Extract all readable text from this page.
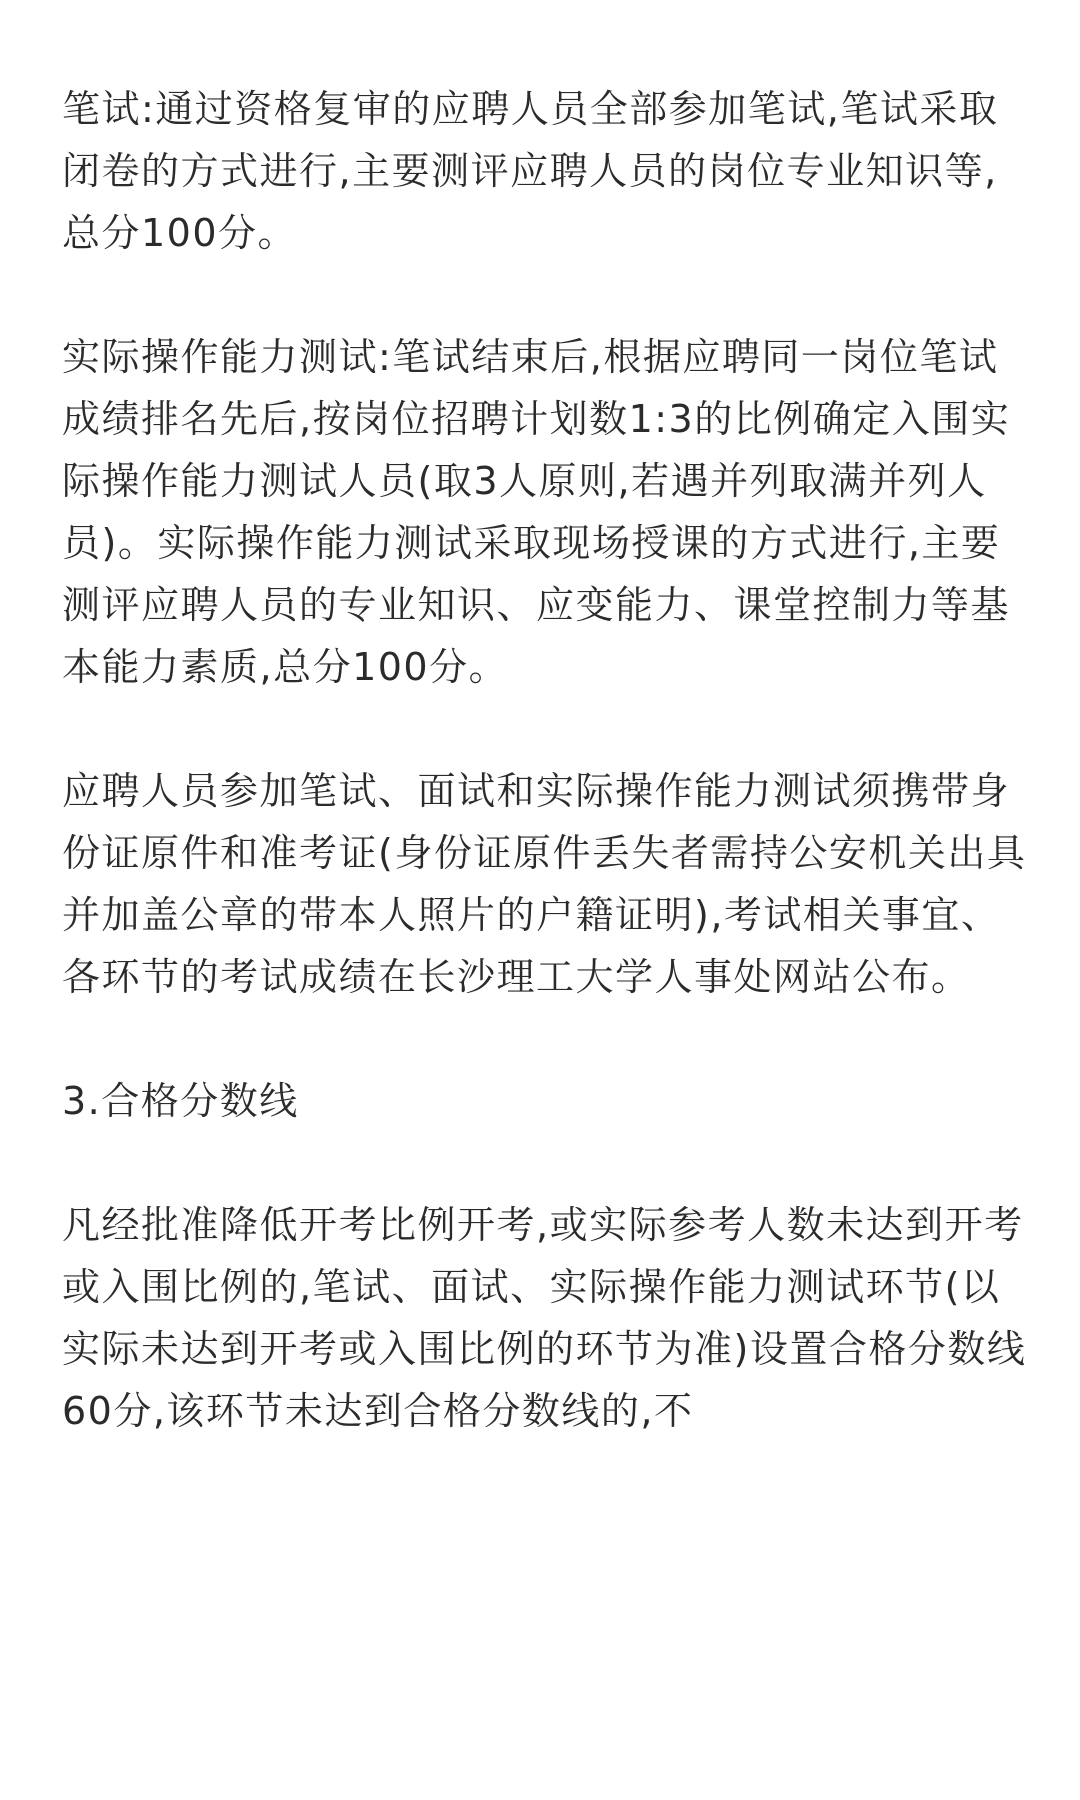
笔试:通过资格复审的应聘人员全部参加笔试,笔试采取闭卷的方式进行,主要测评应聘人员的岗位专业知识等,总分100分。

实际操作能力测试:笔试结束后,根据应聘同一岗位笔试成绩排名先后,按岗位招聘计划数1:3的比例确定入围实际操作能力测试人员(取3人原则,若遇并列取满并列人员)。实际操作能力测试采取现场授课的方式进行,主要测评应聘人员的专业知识、应变能力、课堂控制力等基本能力素质,总分100分。

应聘人员参加笔试、面试和实际操作能力测试须携带身份证原件和准考证(身份证原件丢失者需持公安机关出具并加盖公章的带本人照片的户籍证明),考试相关事宜、各环节的考试成绩在长沙理工大学人事处网站公布。

3.合格分数线

凡经批准降低开考比例开考,或实际参考人数未达到开考或入围比例的,笔试、面试、实际操作能力测试环节(以实际未达到开考或入围比例的环节为准)设置合格分数线60分,该环节未达到合格分数线的,不
